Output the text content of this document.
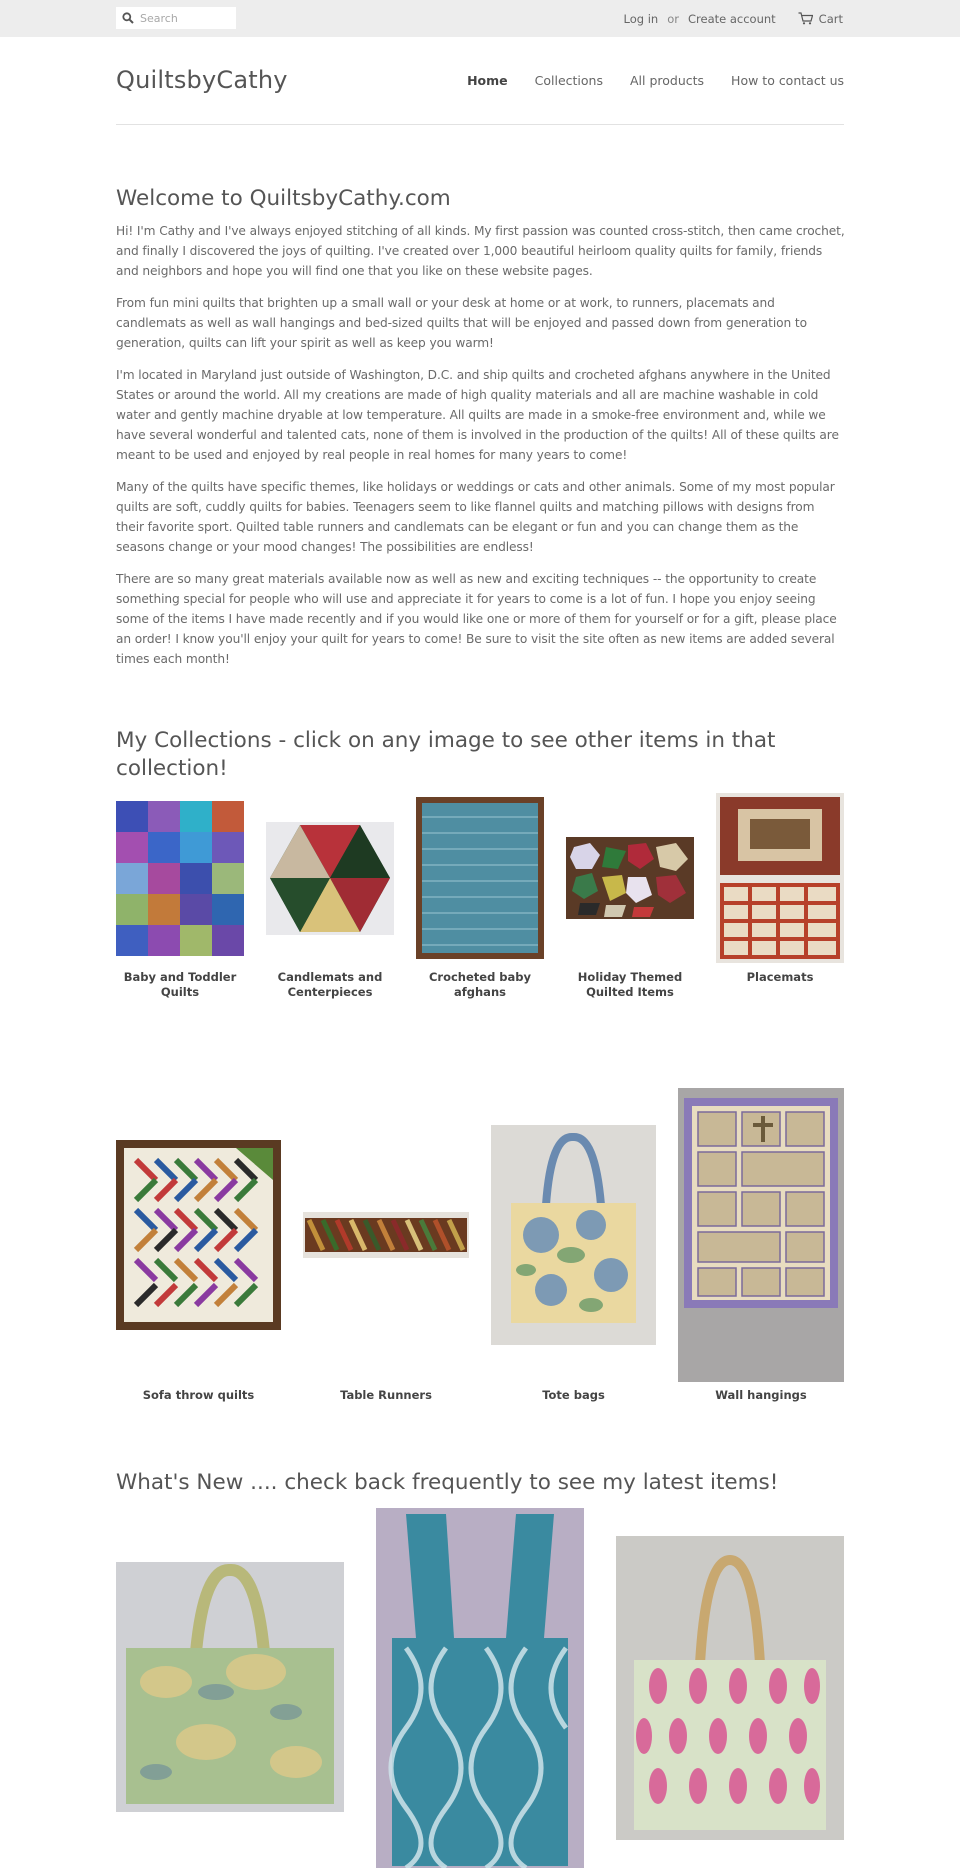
Search
Log in or Create account	Cart
QuiltsbyCathy	Home Collections All products How to contact us
Welcome to QuiltsbyCathy.com

Hi! I'm Cathy and I've always enjoyed stitching of all kinds. My first passion was counted cross-stitch, then came crochet, and finally I discovered the joys of quilting. I've created over 1,000 beautiful heirloom quality quilts for family, friends and neighbors and hope you will find one that you like on these website pages.

From fun mini quilts that brighten up a small wall or your desk at home or at work, to runners, placemats and candlemats as well as wall hangings and bed-sized quilts that will be enjoyed and passed down from generation to generation, quilts can lift your spirit as well as keep you warm!

I'm located in Maryland just outside of Washington, D.C. and ship quilts and crocheted afghans anywhere in the United States or around the world. All my creations are made of high quality materials and all are machine washable in cold water and gently machine dryable at low temperature. All quilts are made in a smoke-free environment and, while we have several wonderful and talented cats, none of them is involved in the production of the quilts! All of these quilts are meant to be used and enjoyed by real people in real homes for many years to come!

Many of the quilts have specific themes, like holidays or weddings or cats and other animals. Some of my most popular quilts are soft, cuddly quilts for babies. Teenagers seem to like flannel quilts and matching pillows with designs from their favorite sport. Quilted table runners and candlemats can be elegant or fun and you can change them as the seasons change or your mood changes! The possibilities are endless!

There are so many great materials available now as well as new and exciting techniques -- the opportunity to create something special for people who will use and appreciate it for years to come is a lot of fun. I hope you enjoy seeing some of the items I have made recently and if you would like one or more of them for yourself or for a gift, please place an order! I know you'll enjoy your quilt for years to come! Be sure to visit the site often as new items are added several times each month!

My Collections - click on any image to see other items in that collection!
Baby and Toddler Quilts
Candlemats and Centerpieces
Crocheted baby afghans
Holiday Themed Quilted Items
Placemats
Sofa throw quilts	Table Runners	Tote bags	Wall hangings
What's New .... check back frequently to see my latest items!
